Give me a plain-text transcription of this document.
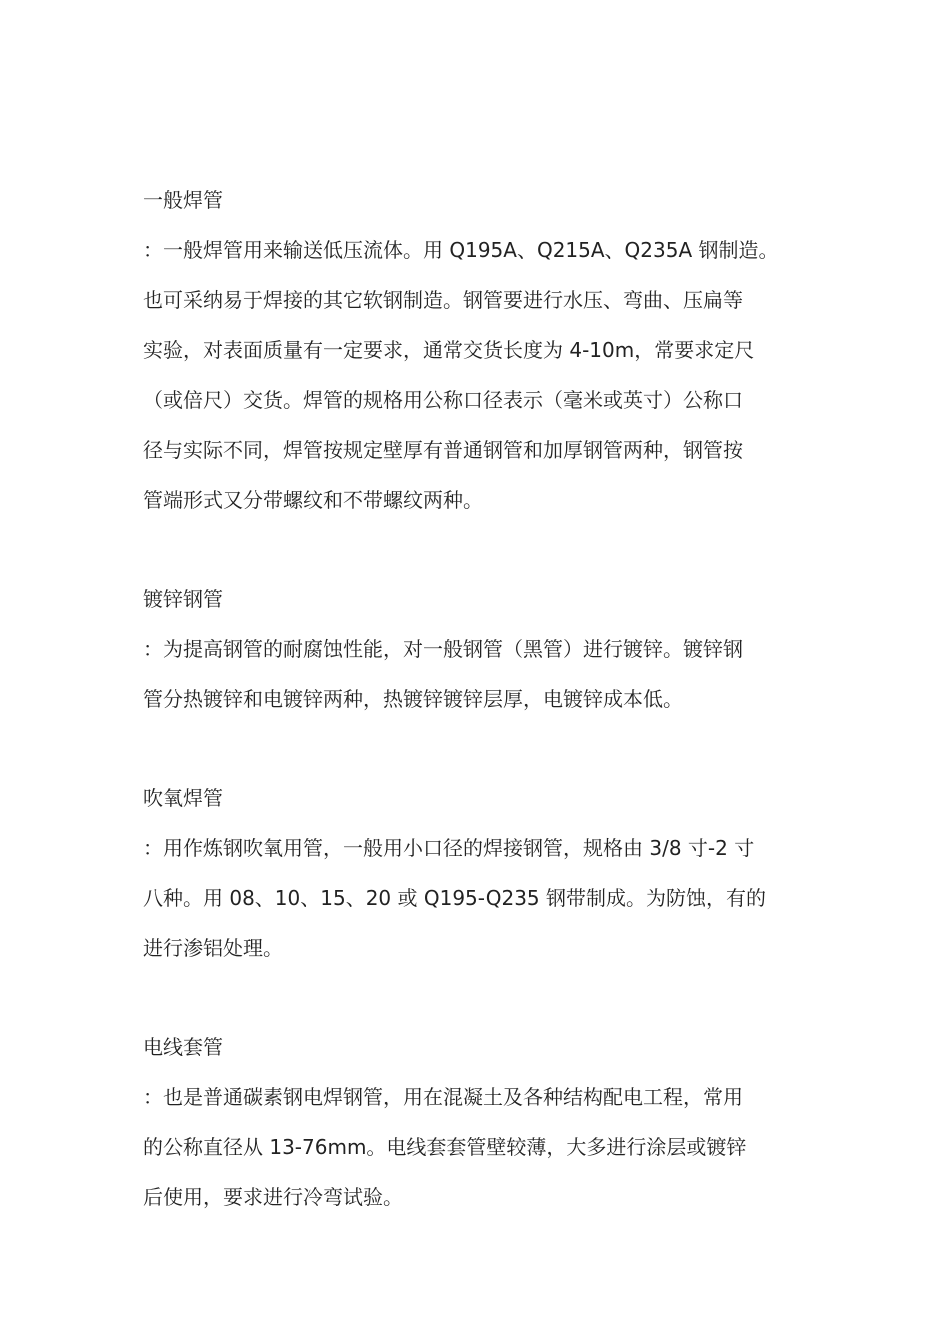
一般焊管
：一般焊管用来输送低压流体。用 Q195A、Q215A、Q235A 钢制造。
也可采纳易于焊接的其它软钢制造。钢管要进行水压、弯曲、压扁等
实验，对表面质量有一定要求，通常交货长度为 4-10m，常要求定尺
（或倍尺）交货。焊管的规格用公称口径表示（毫米或英寸）公称口
径与实际不同，焊管按规定壁厚有普通钢管和加厚钢管两种，钢管按
管端形式又分带螺纹和不带螺纹两种。
镀锌钢管
：为提高钢管的耐腐蚀性能，对一般钢管（黑管）进行镀锌。镀锌钢
管分热镀锌和电镀锌两种，热镀锌镀锌层厚，电镀锌成本低。
吹氧焊管
：用作炼钢吹氧用管，一般用小口径的焊接钢管，规格由 3/8 寸-2 寸
八种。用 08、10、15、20 或 Q195-Q235 钢带制成。为防蚀，有的
进行渗铝处理。
电线套管
：也是普通碳素钢电焊钢管，用在混凝土及各种结构配电工程，常用
的公称直径从 13-76mm。电线套套管壁较薄，大多进行涂层或镀锌
后使用，要求进行冷弯试验。
